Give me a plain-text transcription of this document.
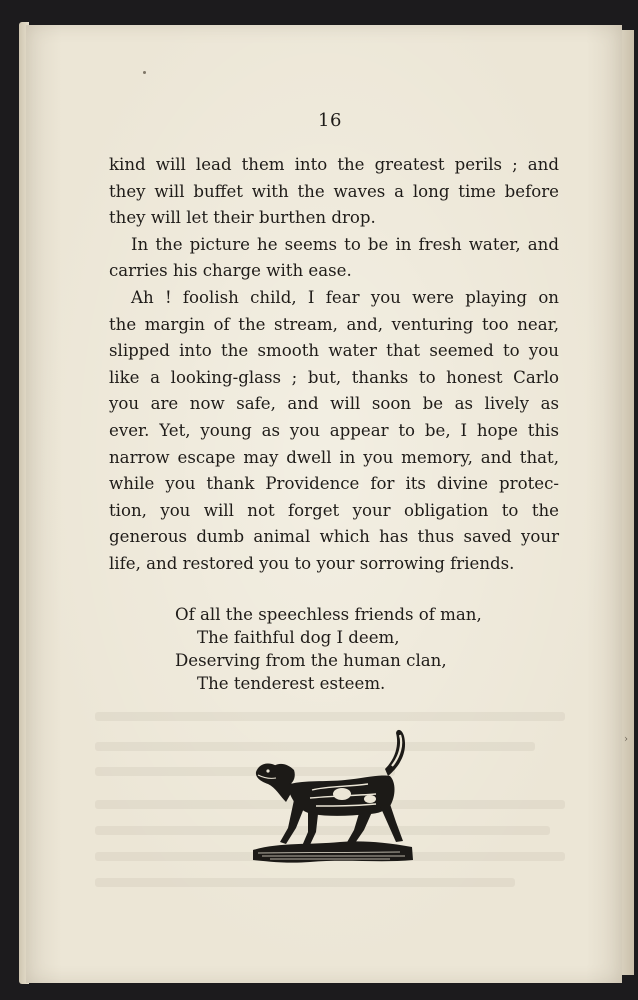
›
16

kind will lead them into the greatest perils ; and
they will buffet with the waves a long time before
they will let their burthen drop.

In the picture he seems to be in fresh water, and
carries his charge with ease.

Ah ! foolish child, I fear you were playing on
the margin of the stream, and, venturing too near,
slipped into the smooth water that seemed to you
like a looking-glass ; but, thanks to honest Carlo
you are now safe, and will soon be as lively as
ever. Yet, young as you appear to be, I hope this
narrow escape may dwell in you memory, and that,
while you thank Providence for its divine protec-
tion, you will not forget your obligation to the
generous dumb animal which has thus saved your
life, and restored you to your sorrowing friends.

Of all the speechless friends of man,
The faithful dog I deem,
Deserving from the human clan,
The tenderest esteem.
